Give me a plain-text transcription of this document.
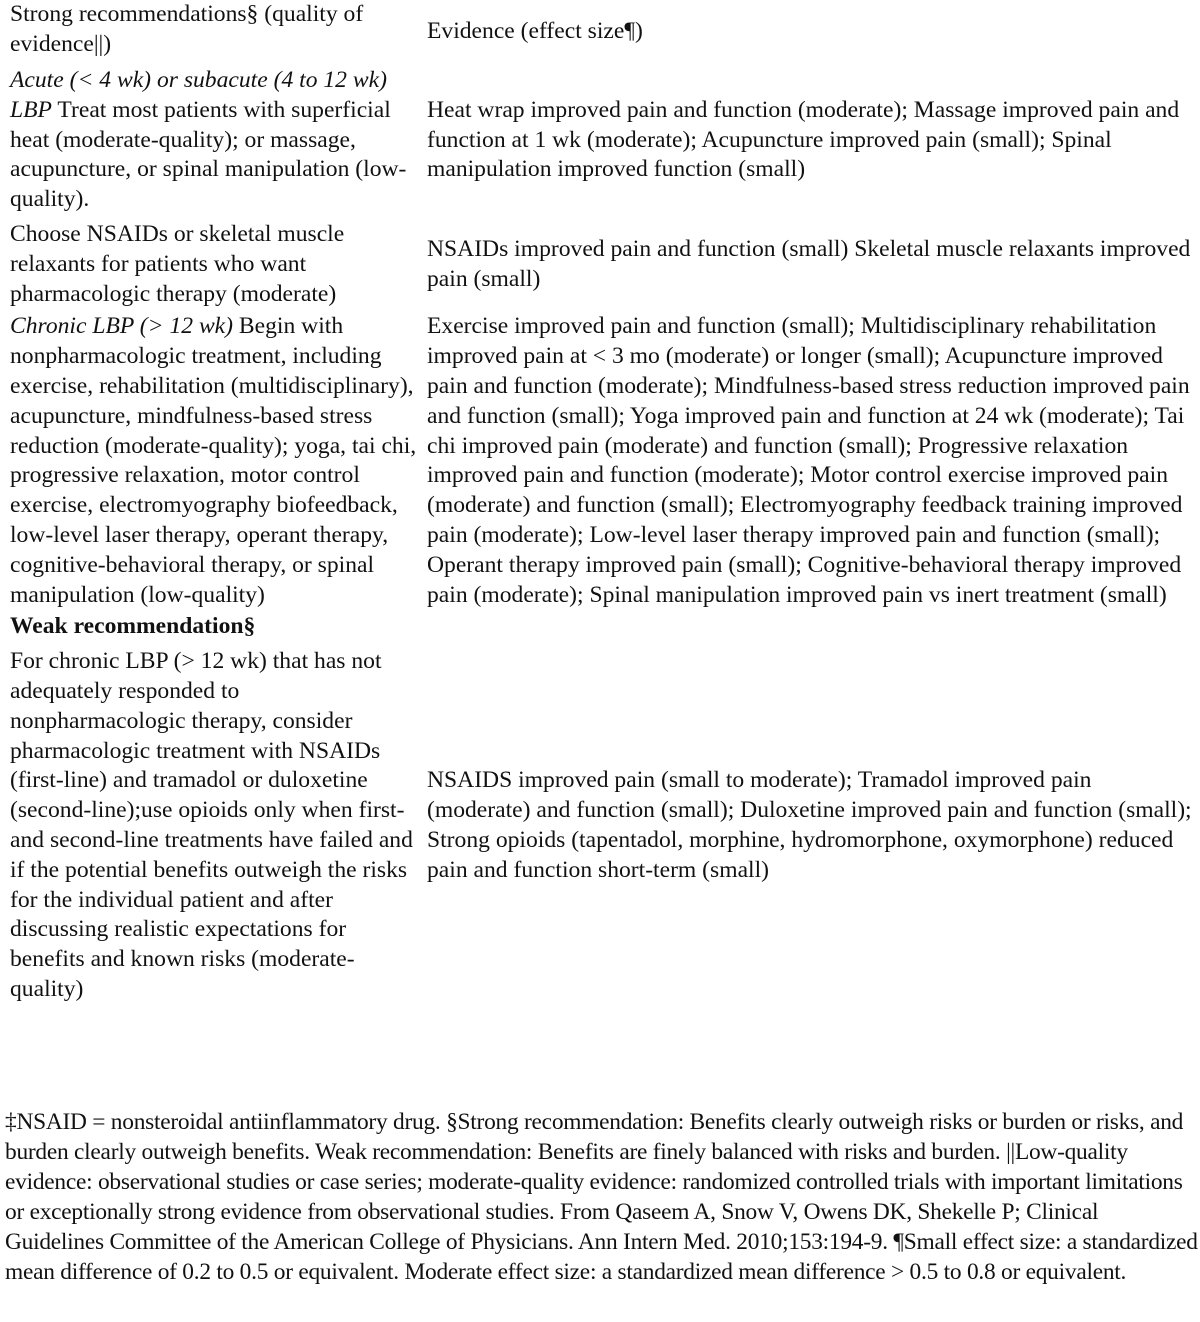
Strong recommendations§ (quality of evidence||)	Evidence (effect size¶)
Acute (< 4 wk) or subacute (4 to 12 wk) LBP Treat most patients with superficial heat (moderate-quality); or massage, acupuncture, or spinal manipulation (low-quality).
Heat wrap improved pain and function (moderate); Massage improved pain and function at 1 wk (moderate); Acupuncture improved pain (small); Spinal manipulation improved function (small)
Choose NSAIDs or skeletal muscle relaxants for patients who want pharmacologic therapy (moderate)
NSAIDs improved pain and function (small) Skeletal muscle relaxants improved pain (small)
Chronic LBP (> 12 wk) Begin with nonpharmacologic treatment, including exercise, rehabilitation (multidisciplinary), acupuncture, mindfulness-based stress reduction (moderate-quality); yoga, tai chi, progressive relaxation, motor control exercise, electromyography biofeedback, low-level laser therapy, operant therapy, cognitive-behavioral therapy, or spinal manipulation (low-quality)
Exercise improved pain and function (small); Multidisciplinary rehabilitation improved pain at < 3 mo (moderate) or longer (small); Acupuncture improved pain and function (moderate); Mindfulness-based stress reduction improved pain and function (small); Yoga improved pain and function at 24 wk (moderate); Tai chi improved pain (moderate) and function (small); Progressive relaxation improved pain and function (moderate); Motor control exercise improved pain (moderate) and function (small); Electromyography feedback training improved pain (moderate); Low-level laser therapy improved pain and function (small); Operant therapy improved pain (small); Cognitive-behavioral therapy improved pain (moderate); Spinal manipulation improved pain vs inert treatment (small)
Weak recommendation§
For chronic LBP (> 12 wk) that has not adequately responded to nonpharmacologic therapy, consider pharmacologic treatment with NSAIDs (first-line) and tramadol or duloxetine (second-line);use opioids only when first- and second-line treatments have failed and if the potential benefits outweigh the risks for the individual patient and after discussing realistic expectations for benefits and known risks (moderate-quality)
NSAIDS improved pain (small to moderate); Tramadol improved pain (moderate) and function (small); Duloxetine improved pain and function (small); Strong opioids (tapentadol, morphine, hydromorphone, oxymorphone) reduced pain and function short-term (small)
‡NSAID = nonsteroidal antiinflammatory drug. §Strong recommendation: Benefits clearly outweigh risks or burden or risks, and burden clearly outweigh benefits. Weak recommendation: Benefits are finely balanced with risks and burden. ||Low-quality evidence: observational studies or case series; moderate-quality evidence: randomized controlled trials with important limitations or exceptionally strong evidence from observational studies. From Qaseem A, Snow V, Owens DK, Shekelle P; Clinical Guidelines Committee of the American College of Physicians. Ann Intern Med. 2010;153:194-9. ¶Small effect size: a standardized mean difference of 0.2 to 0.5 or equivalent. Moderate effect size: a standardized mean difference > 0.5 to 0.8 or equivalent.
